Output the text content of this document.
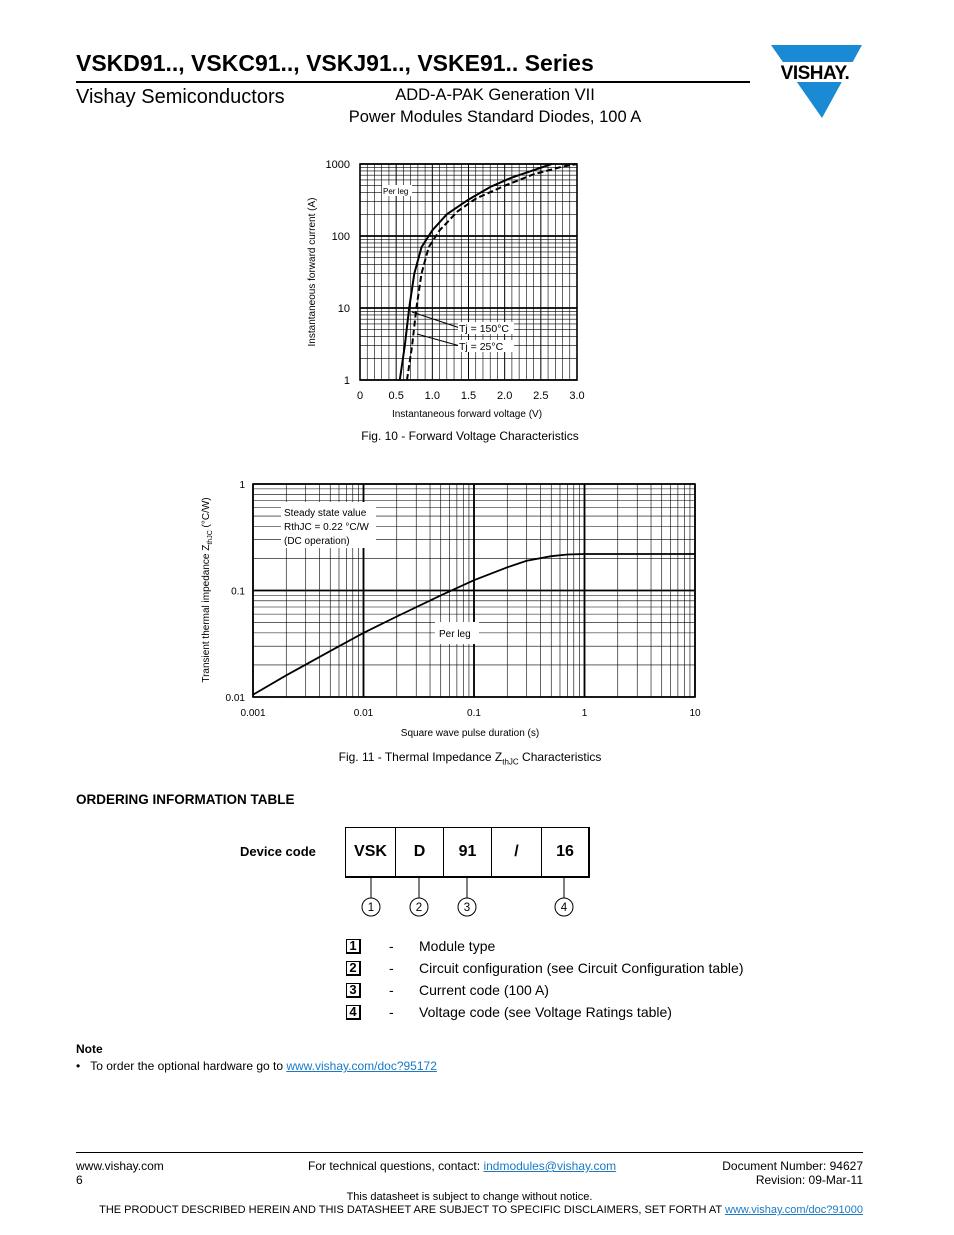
VSKD91.., VSKC91.., VSKJ91.., VSKE91.. Series
Vishay Semiconductors	ADD-A-PAK Generation VII
Power Modules Standard Diodes, 100 A
VISHAY.
Instantaneous forward current (A)
Instantaneous forward voltage (V)
0 0.5 1.0 1.5 2.0 2.5 3.0
1
10
100
1000
Per leg
Tj = 150°C
Tj = 25°C
Fig. 10 - Forward Voltage Characteristics
Transient thermal impedance $Z_{thJC}$ (°C/W)
Square wave pulse duration (s)
0.001	0.01	0.1	1	10
0.01
0.1
1
Steady state value
RthJC = 0.22 °C/W
(DC operation)
Per leg
Fig. 11 - Thermal Impedance $Z_{thJC}$ Characteristics
ORDERING INFORMATION TABLE
Device code	VSK	D	91	/	16
1	2	3	4
1	-	Module type
2	-	Circuit configuration (see Circuit Configuration table)
3	-	Current code (100 A)
4	-	Voltage code (see Voltage Ratings table)
Note
• To order the optional hardware go to www.vishay.com/doc?95172
www.vishay.com
6
For technical questions, contact: indmodules@vishay.com	Document Number: 94627
Revision: 09-Mar-11
This datasheet is subject to change without notice.
THE PRODUCT DESCRIBED HEREIN AND THIS DATASHEET ARE SUBJECT TO SPECIFIC DISCLAIMERS, SET FORTH AT www.vishay.com/doc?91000
